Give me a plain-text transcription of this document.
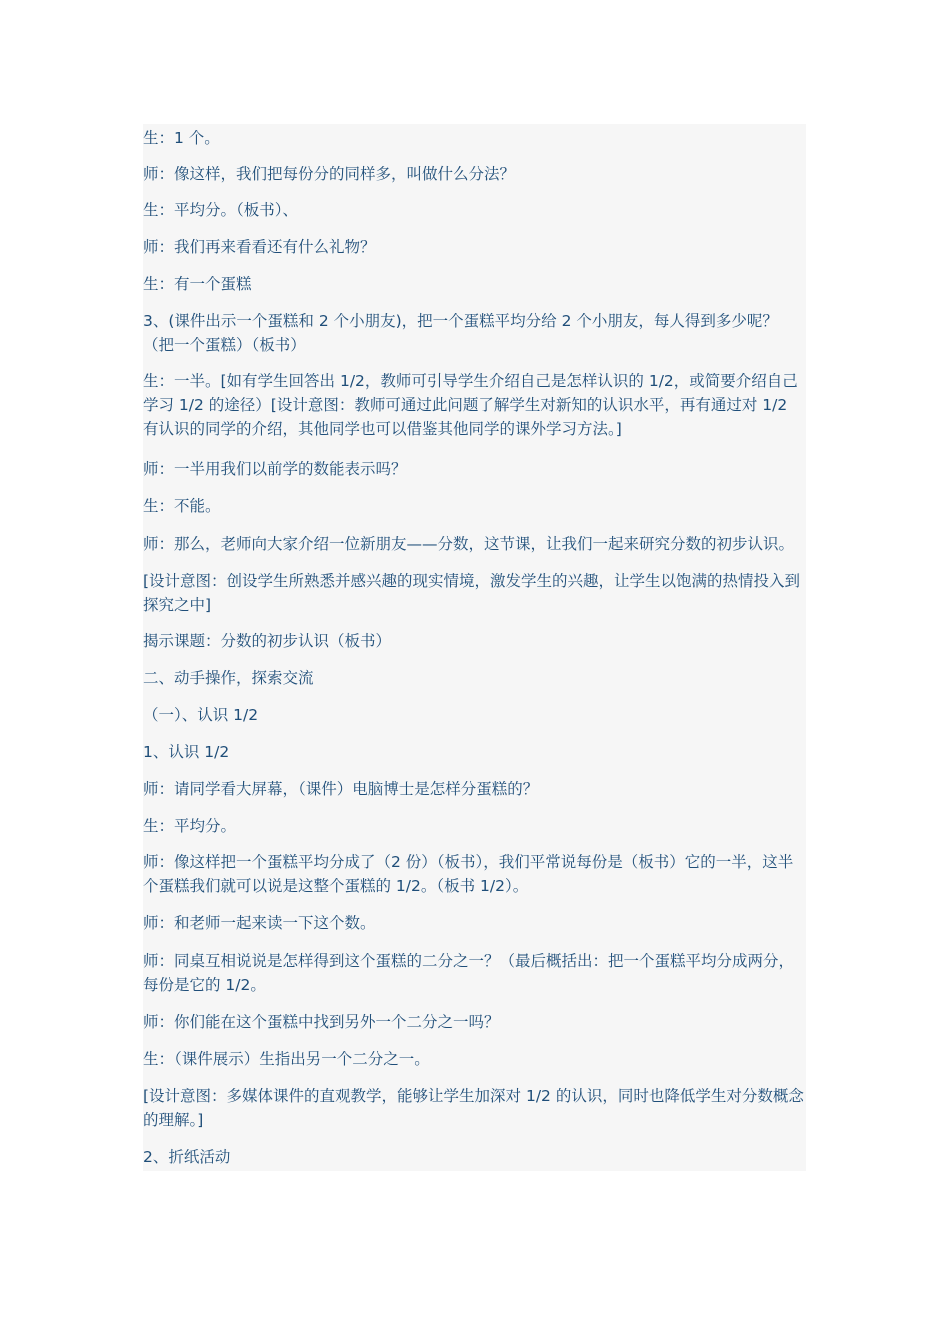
生：1 个。

师：像这样，我们把每份分的同样多，叫做什么分法？

生：平均分。（板书）、

师：我们再来看看还有什么礼物？

生：有一个蛋糕

3、(课件出示一个蛋糕和 2 个小朋友)，把一个蛋糕平均分给 2 个小朋友，每人得到多少呢？（把一个蛋糕）（板书）

生：一半。[如有学生回答出 1/2，教师可引导学生介绍自己是怎样认识的 1/2，或简要介绍自己学习 1/2 的途径）[设计意图：教师可通过此问题了解学生对新知的认识水平，再有通过对 1/2 有认识的同学的介绍，其他同学也可以借鉴其他同学的课外学习方法。]

师：一半用我们以前学的数能表示吗？

生：不能。

师：那么，老师向大家介绍一位新朋友——分数，这节课，让我们一起来研究分数的初步认识。

[设计意图：创设学生所熟悉并感兴趣的现实情境，激发学生的兴趣，让学生以饱满的热情投入到探究之中]

揭示课题：分数的初步认识（板书）

二、动手操作，探索交流

（一）、认识 1/2

1、认识 1/2

师：请同学看大屏幕，（课件）电脑博士是怎样分蛋糕的？

生：平均分。

师：像这样把一个蛋糕平均分成了（2 份）（板书），我们平常说每份是（板书）它的一半，这半个蛋糕我们就可以说是这整个蛋糕的 1/2。（板书 1/2）。

师：和老师一起来读一下这个数。

师：同桌互相说说是怎样得到这个蛋糕的二分之一？（最后概括出：把一个蛋糕平均分成两分，每份是它的 1/2。

师：你们能在这个蛋糕中找到另外一个二分之一吗？

生：（课件展示）生指出另一个二分之一。

[设计意图：多媒体课件的直观教学，能够让学生加深对 1/2 的认识，同时也降低学生对分数概念的理解。]

2、折纸活动
